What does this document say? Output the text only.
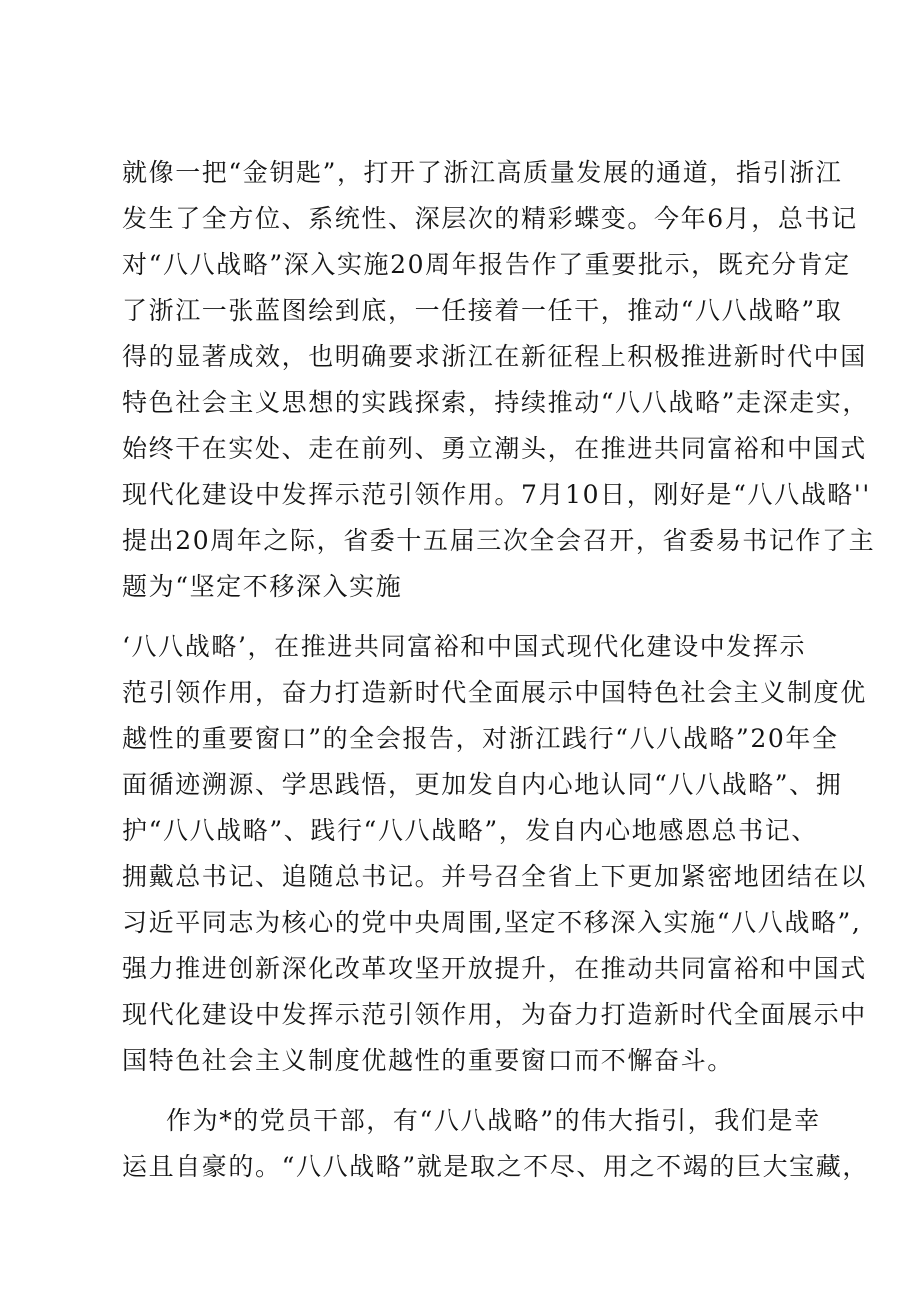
就像一把“金钥匙”，打开了浙江高质量发展的通道，指引浙江
发生了全方位、系统性、深层次的精彩蝶变。今年6月，总书记
对“八八战略”深入实施20周年报告作了重要批示，既充分肯定
了浙江一张蓝图绘到底，一任接着一任干，推动“八八战略”取
得的显著成效，也明确要求浙江在新征程上积极推进新时代中国
特色社会主义思想的实践探索，持续推动“八八战略”走深走实，
始终干在实处、走在前列、勇立潮头，在推进共同富裕和中国式
现代化建设中发挥示范引领作用。7月10日，刚好是“八八战略''
提出20周年之际，省委十五届三次全会召开，省委易书记作了主
题为“坚定不移深入实施
‘八八战略’，在推进共同富裕和中国式现代化建设中发挥示
范引领作用，奋力打造新时代全面展示中国特色社会主义制度优
越性的重要窗口”的全会报告，对浙江践行“八八战略”20年全
面循迹溯源、学思践悟，更加发自内心地认同“八八战略”、拥
护“八八战略”、践行“八八战略”，发自内心地感恩总书记、
拥戴总书记、追随总书记。并号召全省上下更加紧密地团结在以
习近平同志为核心的党中央周围,坚定不移深入实施“八八战略”,
强力推进创新深化改革攻坚开放提升，在推动共同富裕和中国式
现代化建设中发挥示范引领作用，为奋力打造新时代全面展示中
国特色社会主义制度优越性的重要窗口而不懈奋斗。
作为*的党员干部，有“八八战略”的伟大指引，我们是幸
运且自豪的。“八八战略”就是取之不尽、用之不竭的巨大宝藏，
